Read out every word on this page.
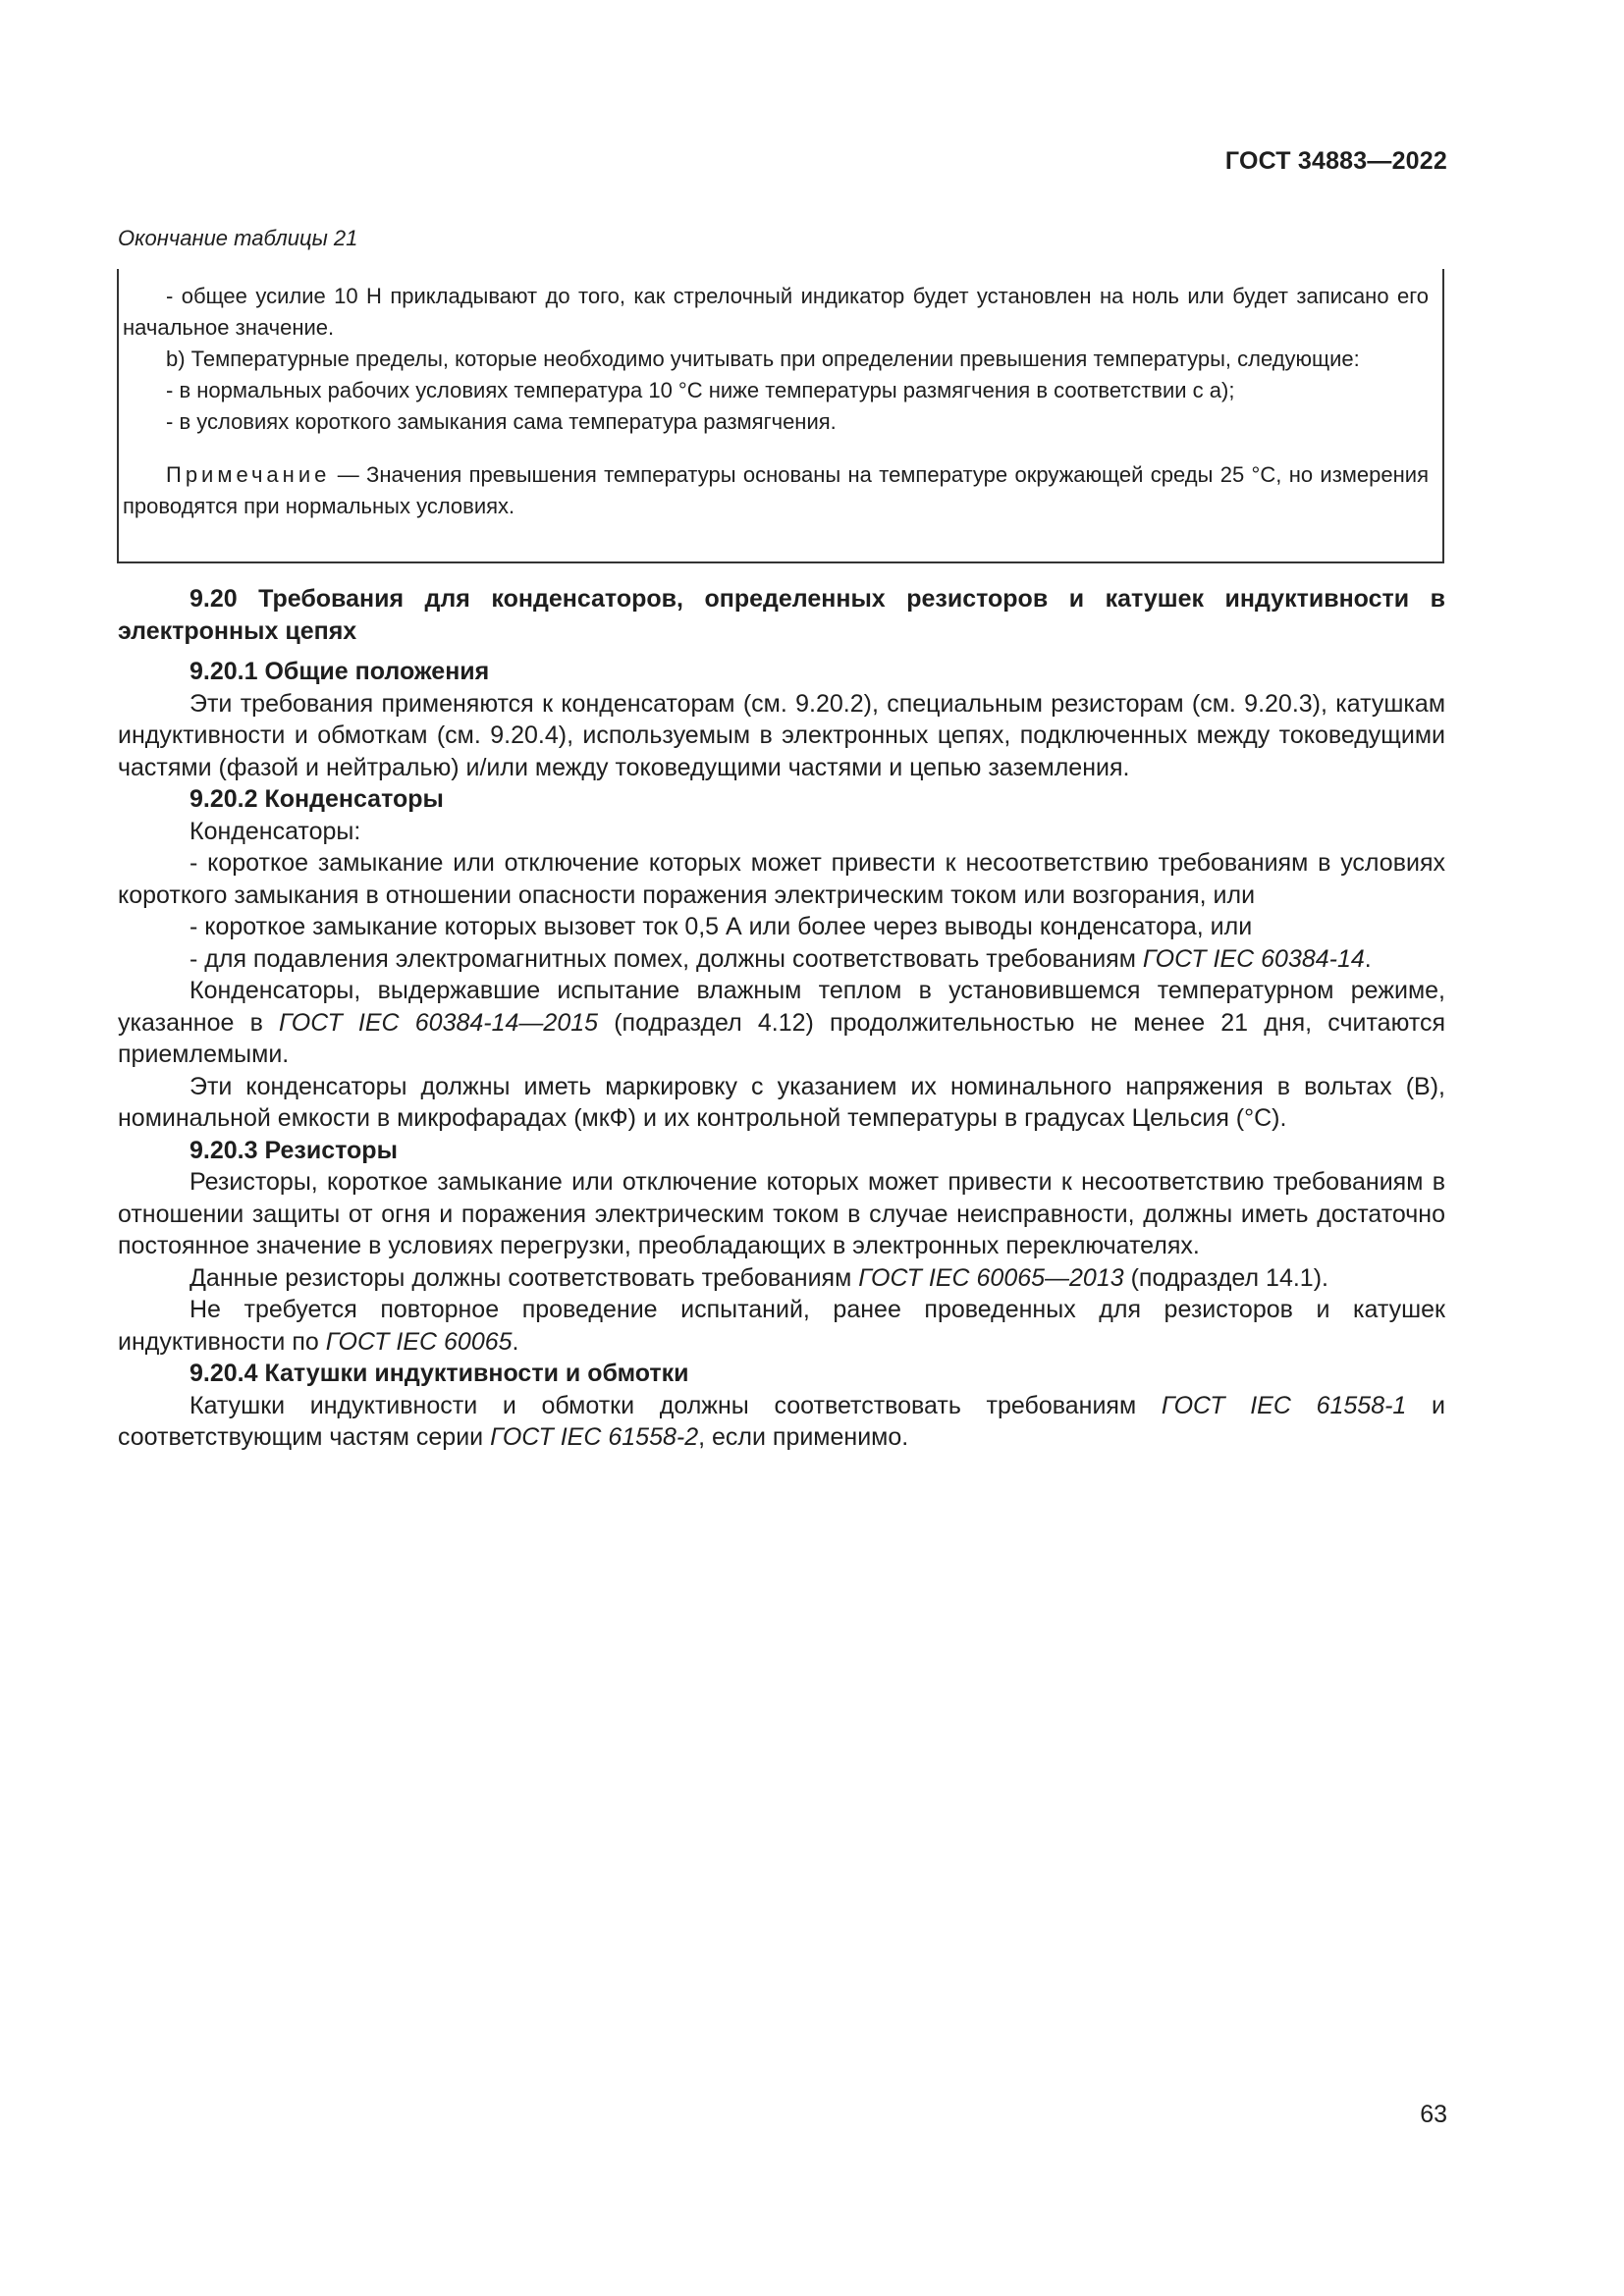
ГОСТ 34883—2022
Окончание таблицы 21
- общее усилие 10 Н прикладывают до того, как стрелочный индикатор будет установлен на ноль или будет записано его начальное значение.
b) Температурные пределы, которые необходимо учитывать при определении превышения температуры, следующие:
- в нормальных рабочих условиях температура 10 °С ниже температуры размягчения в соответствии с а);
- в условиях короткого замыкания сама температура размягчения.
Примечание — Значения превышения температуры основаны на температуре окружающей среды 25 °С, но измерения проводятся при нормальных условиях.
9.20 Требования для конденсаторов, определенных резисторов и катушек индуктивности в электронных цепях
9.20.1 Общие положения

Эти требования применяются к конденсаторам (см. 9.20.2), специальным резисторам (см. 9.20.3), катушкам индуктивности и обмоткам (см. 9.20.4), используемым в электронных цепях, подключенных между токоведущими частями (фазой и нейтралью) и/или между токоведущими частями и цепью заземления.

9.20.2 Конденсаторы

Конденсаторы:

- короткое замыкание или отключение которых может привести к несоответствию требованиям в условиях короткого замыкания в отношении опасности поражения электрическим током или возгорания, или

- короткое замыкание которых вызовет ток 0,5 А или более через выводы конденсатора, или

- для подавления электромагнитных помех, должны соответствовать требованиям ГОСТ IEC 60384-14.

Конденсаторы, выдержавшие испытание влажным теплом в установившемся температурном режиме, указанное в ГОСТ IEC 60384-14—2015 (подраздел 4.12) продолжительностью не менее 21 дня, считаются приемлемыми.

Эти конденсаторы должны иметь маркировку с указанием их номинального напряжения в вольтах (В), номинальной емкости в микрофарадах (мкФ) и их контрольной температуры в градусах Цельсия (°С).

9.20.3 Резисторы

Резисторы, короткое замыкание или отключение которых может привести к несоответствию требованиям в отношении защиты от огня и поражения электрическим током в случае неисправности, должны иметь достаточно постоянное значение в условиях перегрузки, преобладающих в электронных переключателях.

Данные резисторы должны соответствовать требованиям ГОСТ IEC 60065—2013 (подраздел 14.1).

Не требуется повторное проведение испытаний, ранее проведенных для резисторов и катушек индуктивности по ГОСТ IEC 60065.

9.20.4 Катушки индуктивности и обмотки

Катушки индуктивности и обмотки должны соответствовать требованиям ГОСТ IEC 61558-1 и соответствующим частям серии ГОСТ IEC 61558-2, если применимо.

63
